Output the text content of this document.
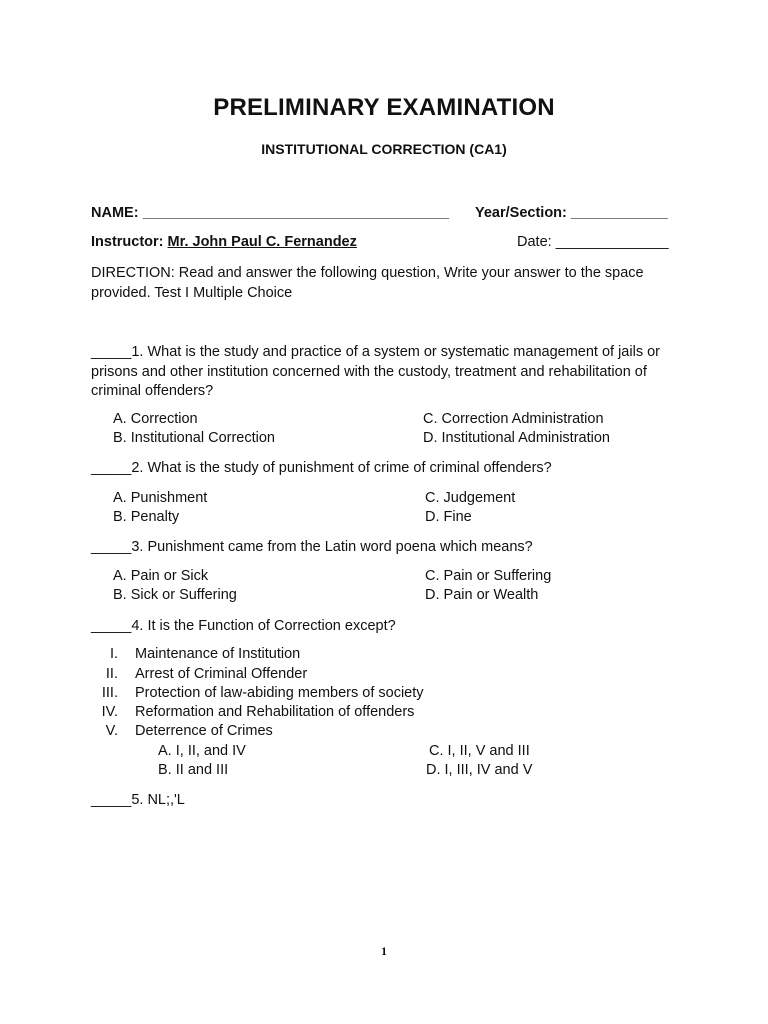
PRELIMINARY EXAMINATION
INSTITUTIONAL CORRECTION (CA1)
NAME: ______________________________________ Year/Section: ____________
Instructor: Mr. John Paul C. Fernandez	Date: ______________
DIRECTION: Read and answer the following question, Write your answer to the space provided. Test I Multiple Choice
_____1. What is the study and practice of a system or systematic management of jails or prisons and other institution concerned with the custody, treatment and rehabilitation of criminal offenders?
A. Correction
B. Institutional Correction
C. Correction Administration
D. Institutional Administration
_____2. What is the study of punishment of crime of criminal offenders?
A. Punishment
B. Penalty
C. Judgement
D. Fine
_____3. Punishment came from the Latin word poena which means?
A. Pain or Sick
B. Sick or Suffering
C. Pain or Suffering
D. Pain or Wealth
_____4. It is the Function of Correction except?
I. Maintenance of Institution
II. Arrest of Criminal Offender
III. Protection of law-abiding members of society
IV. Reformation and Rehabilitation of offenders
V. Deterrence of Crimes
A. I, II, and IV
B. II and III
C. I, II, V and III
D. I, III, IV and V
_____5. NL;,'L
1
